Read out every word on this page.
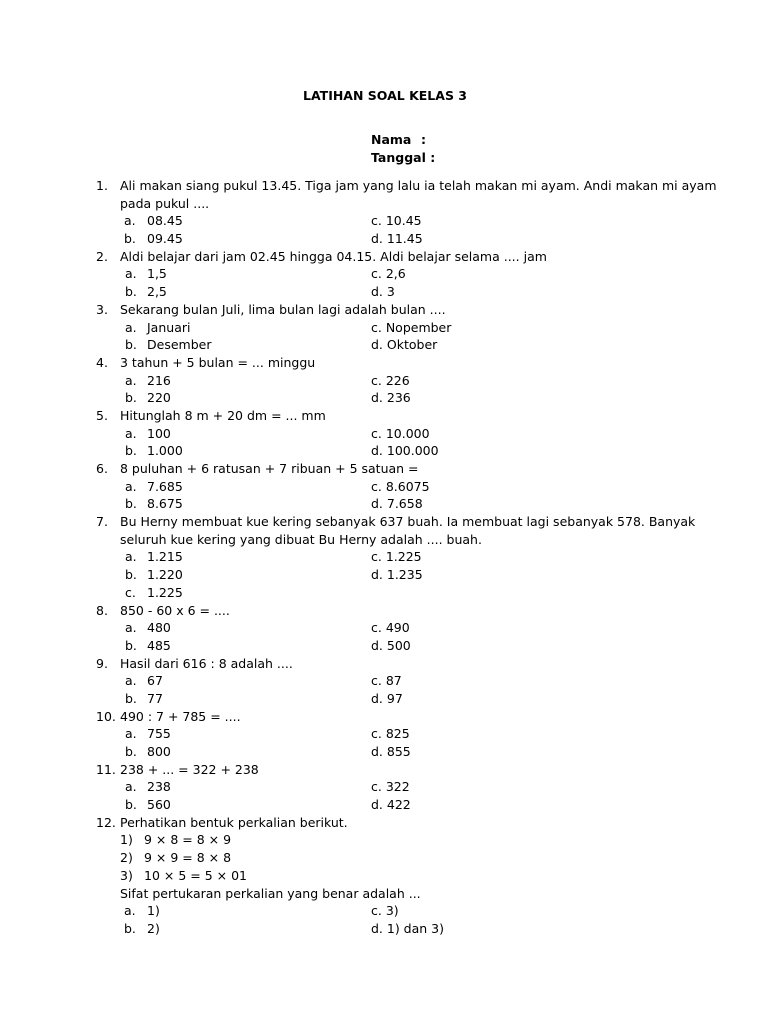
LATIHAN SOAL KELAS 3
Nama :
Tanggal :
1. Ali makan siang pukul 13.45. Tiga jam yang lalu ia telah makan mi ayam. Andi makan mi ayam
pada pukul ....
a. 08.45	c. 10.45
b. 09.45	d. 11.45
2. Aldi belajar dari jam 02.45 hingga 04.15. Aldi belajar selama .... jam
a. 1,5	c. 2,6
b. 2,5	d. 3
3. Sekarang bulan Juli, lima bulan lagi adalah bulan ....
a. Januari	c. Nopember
b. Desember	d. Oktober
4. 3 tahun + 5 bulan = ... minggu
a. 216	c. 226
b. 220	d. 236
5. Hitunglah 8 m + 20 dm = ... mm
a. 100	c. 10.000
b. 1.000	d. 100.000
6. 8 puluhan + 6 ratusan + 7 ribuan + 5 satuan =
a. 7.685	c. 8.6075
b. 8.675	d. 7.658
7. Bu Herny membuat kue kering sebanyak 637 buah. Ia membuat lagi sebanyak 578. Banyak
seluruh kue kering yang dibuat Bu Herny adalah .... buah.
a. 1.215	c. 1.225
b. 1.220	d. 1.235
c. 1.225
8. 850 - 60 x 6 = ....
a. 480	c. 490
b. 485	d. 500
9. Hasil dari 616 : 8 adalah ....
a. 67	c. 87
b. 77	d. 97
10. 490 : 7 + 785 = ....
a. 755	c. 825
b. 800	d. 855
11. 238 + ... = 322 + 238
a. 238	c. 322
b. 560	d. 422
12. Perhatikan bentuk perkalian berikut.
1) 9 × 8 = 8 × 9
2) 9 × 9 = 8 × 8
3) 10 × 5 = 5 × 01
Sifat pertukaran perkalian yang benar adalah ...
a. 1)	c. 3)
b. 2)	d. 1) dan 3)
